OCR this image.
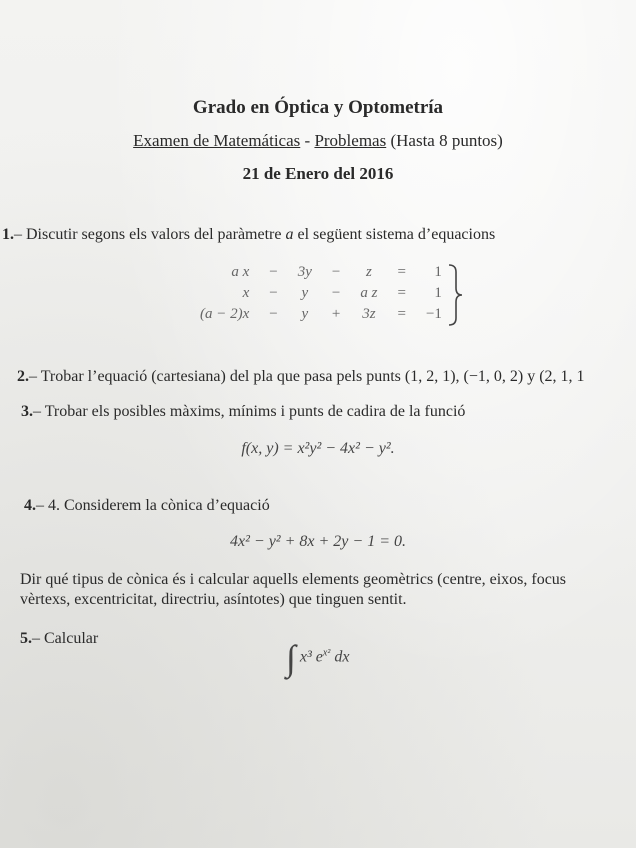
Grado en Óptica y Optometría
Examen de Matemáticas - Problemas (Hasta 8 puntos)
21 de Enero del 2016
1.– Discutir segons els valors del paràmetre a el següent sistema d’equacions
a x	−	3y	−	z	=	1
x	−	y	−	a z	=	1
(a − 2)x	−	y	+	3z	=	−1
2.– Trobar l’equació (cartesiana) del pla que pasa pels punts (1, 2, 1), (−1, 0, 2) y (2, 1, 1
3.– Trobar els posibles màxims, mínims i punts de cadira de la funció
f(x, y) = x²y² − 4x² − y².
4.– 4. Considerem la cònica d’equació
4x² − y² + 8x + 2y − 1 = 0.
Dir qué tipus de cònica és i calcular aquells elements geomètrics (centre, eixos, focus
vèrtexs, excentricitat, directriu, asíntotes) que tinguen sentit.
5.– Calcular	∫ x³ $e^{x^2}$ dx
